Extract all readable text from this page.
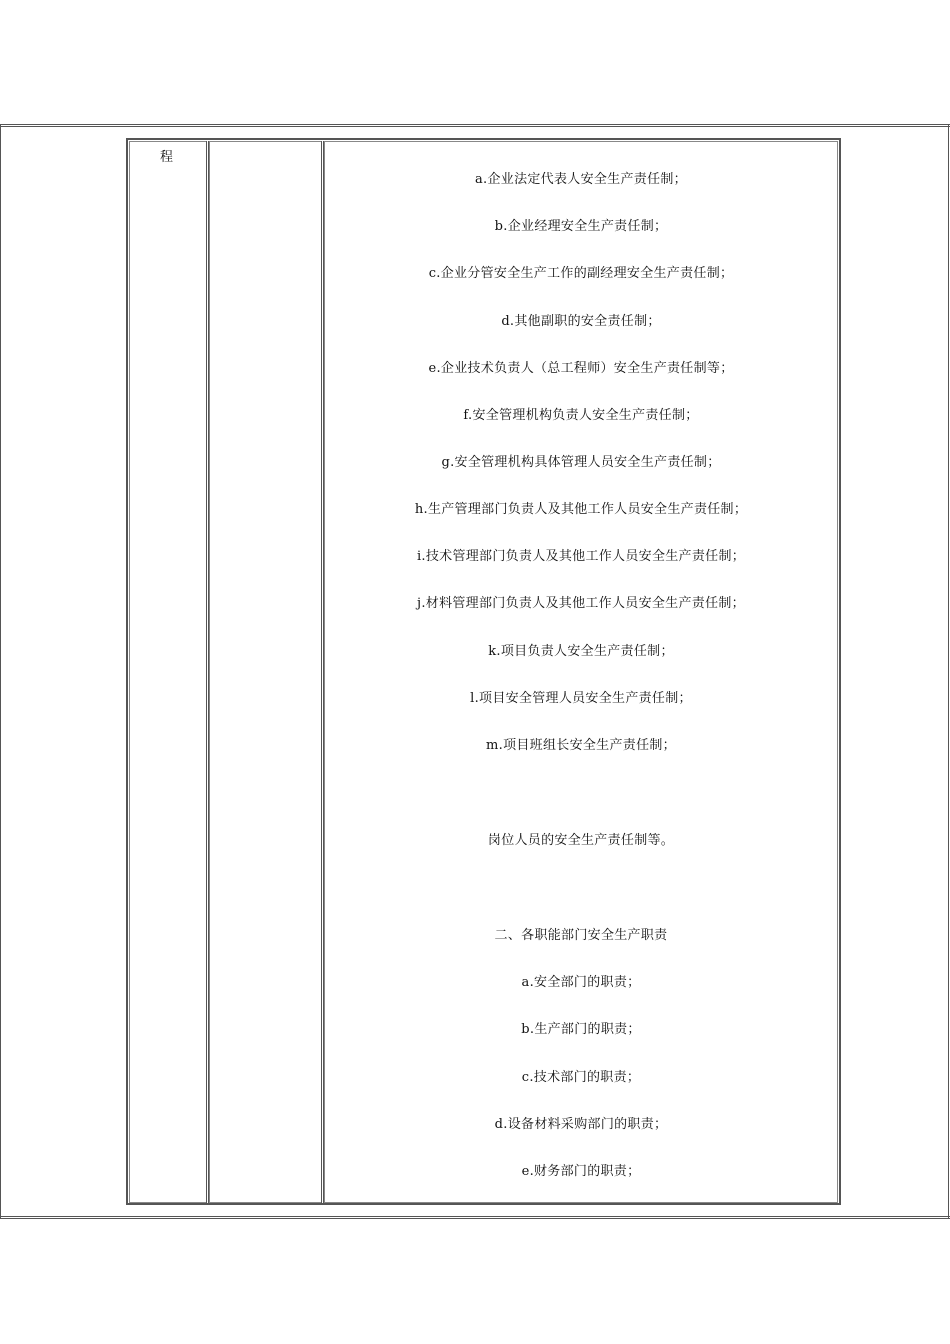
程
a.企业法定代表人安全生产责任制；
b.企业经理安全生产责任制；
c.企业分管安全生产工作的副经理安全生产责任制；
d.其他副职的安全责任制；
e.企业技术负责人（总工程师）安全生产责任制等；
f.安全管理机构负责人安全生产责任制；
g.安全管理机构具体管理人员安全生产责任制；
h.生产管理部门负责人及其他工作人员安全生产责任制；
i.技术管理部门负责人及其他工作人员安全生产责任制；
j.材料管理部门负责人及其他工作人员安全生产责任制；
k.项目负责人安全生产责任制；
l.项目安全管理人员安全生产责任制；
m.项目班组长安全生产责任制；
岗位人员的安全生产责任制等。
二、各职能部门安全生产职责
a.安全部门的职责；
b.生产部门的职责；
c.技术部门的职责；
d.设备材料采购部门的职责；
e.财务部门的职责；
